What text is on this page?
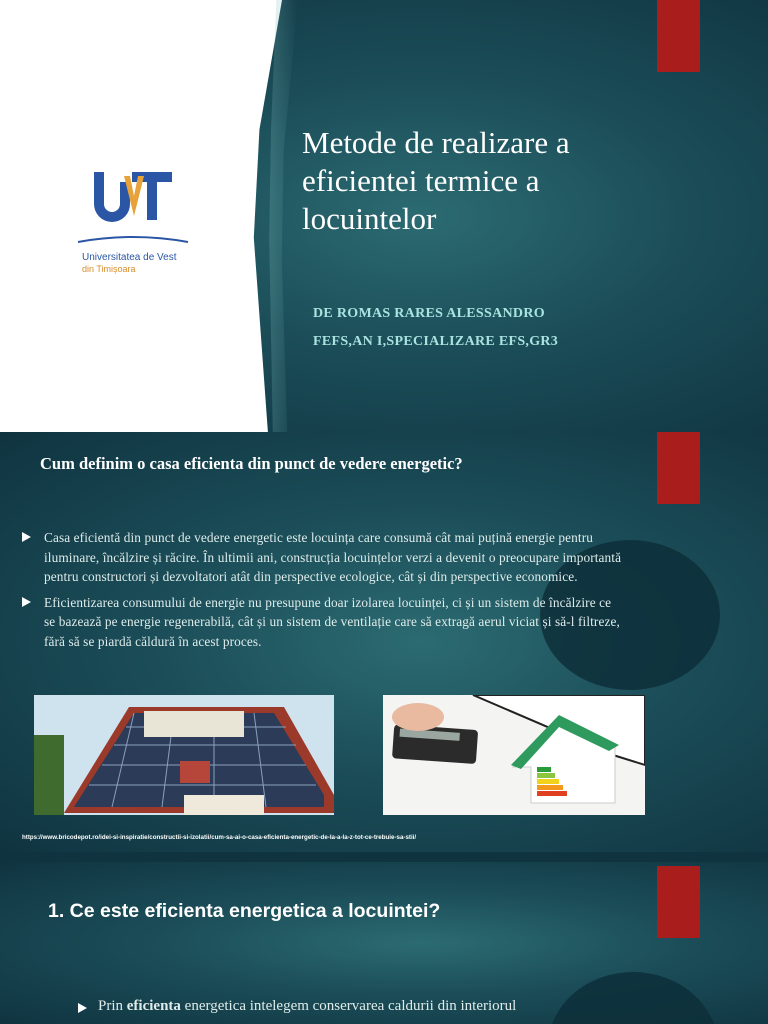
Universitatea de Vest
din Timișoara
Metode de realizare a eficientei termice a locuintelor
DE ROMAS RARES ALESSANDRO
FEFS,AN I,SPECIALIZARE EFS,GR3
Cum definim o casa eficienta din punct de vedere energetic?
Casa eficientă din punct de vedere energetic este locuința care consumă cât mai puțină energie pentru iluminare, încălzire și răcire. În ultimii ani, construcția locuințelor verzi a devenit o preocupare importantă pentru constructori și dezvoltatori atât din perspective ecologice, cât și din perspective economice.
Eficientizarea consumului de energie nu presupune doar izolarea locuinței, ci și un sistem de încălzire ce se bazează pe energie regenerabilă, cât și un sistem de ventilație care să extragă aerul viciat și să-l filtreze, fără să se piardă căldură în acest proces.
https://www.bricodepot.ro/idei-si-inspiratie/constructii-si-izolatii/cum-sa-ai-o-casa-eficienta-energetic-de-la-a-la-z-tot-ce-trebuie-sa-stii/
1. Ce este eficienta energetica a locuintei?
Prin eficienta energetica intelegem conservarea caldurii din interiorul
